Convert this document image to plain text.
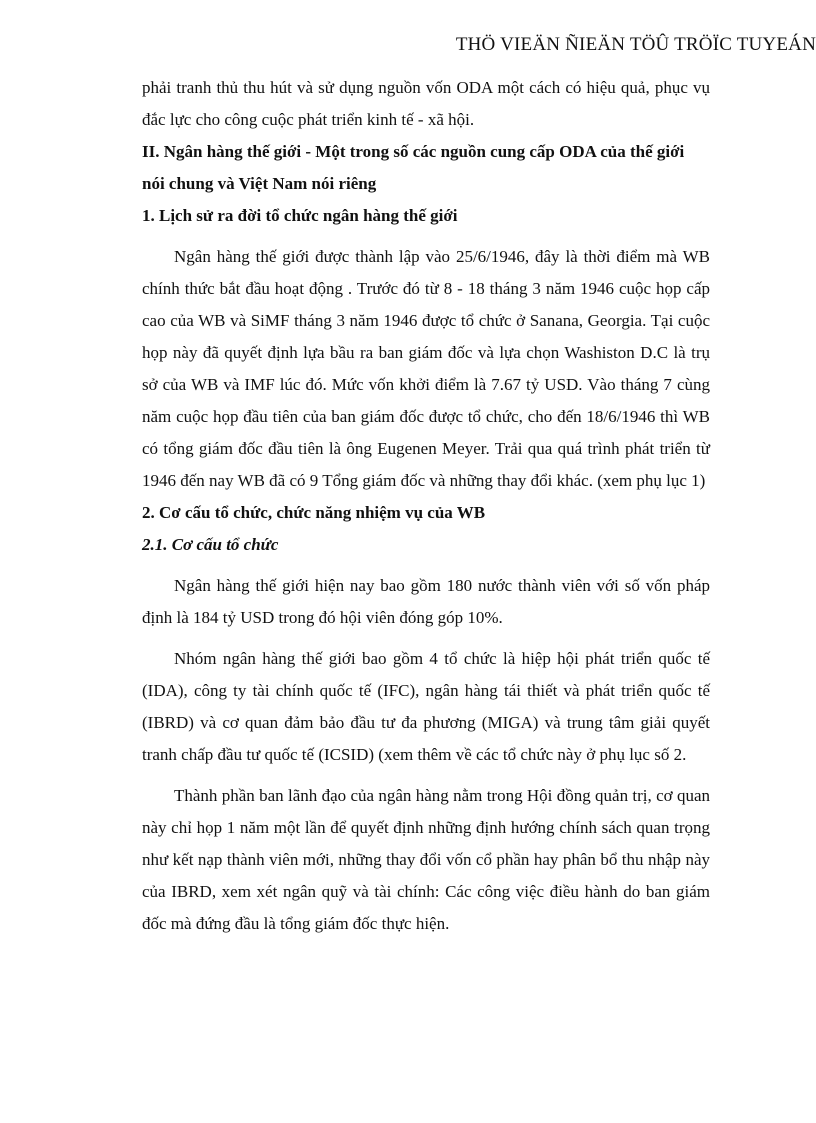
THÖ VIEÄN ÑIEÄN TÖÛ TRÖÏC TUYEÁN

phải tranh thủ thu hút và sử dụng nguồn vốn ODA một cách có hiệu quả, phục vụ đắc lực cho công cuộc phát triển kinh tế - xã hội.

II. Ngân hàng thế giới - Một trong số các nguồn cung cấp ODA của thế giới nói chung và Việt Nam nói riêng

1. Lịch sử ra đời tổ chức ngân hàng thế giới

Ngân hàng thế giới được thành lập vào 25/6/1946, đây là thời điểm mà WB chính thức bắt đầu hoạt động . Trước đó từ 8 - 18 tháng 3 năm 1946 cuộc họp cấp cao của WB và SiMF tháng 3 năm 1946 được tổ chức ở Sanana, Georgia. Tại cuộc họp này đã quyết định lựa bầu ra ban giám đốc và lựa chọn Washiston D.C là trụ sở của WB và IMF lúc đó. Mức vốn khởi điểm là 7.67 tỷ USD. Vào tháng 7 cùng năm cuộc họp đầu tiên của ban giám đốc được tổ chức, cho đến 18/6/1946 thì WB có tổng giám đốc đầu tiên là ông Eugenen Meyer. Trải qua quá trình phát triển từ 1946 đến nay WB đã có 9 Tổng giám đốc và những thay đổi khác. (xem phụ lục 1)

2. Cơ cấu tổ chức, chức năng nhiệm vụ của WB

2.1. Cơ cấu tổ chức

Ngân hàng thế giới hiện nay bao gồm 180 nước thành viên với số vốn pháp định là 184 tỷ USD trong đó hội viên đóng góp 10%.

Nhóm ngân hàng thế giới bao gồm 4 tổ chức là hiệp hội phát triển quốc tế (IDA), công ty tài chính quốc tế (IFC), ngân hàng tái thiết và phát triển quốc tế (IBRD) và cơ quan đảm bảo đầu tư đa phương (MIGA) và trung tâm giải quyết tranh chấp đầu tư quốc tế (ICSID) (xem thêm về các tổ chức này ở phụ lục số 2.

Thành phần ban lãnh đạo của ngân hàng nằm trong Hội đồng quản trị, cơ quan này chỉ họp 1 năm một lần để quyết định những định hướng chính sách quan trọng như kết nạp thành viên mới, những thay đổi vốn cổ phần hay phân bổ thu nhập này của IBRD, xem xét ngân quỹ và tài chính: Các công việc điều hành do ban giám đốc mà đứng đầu là tổng giám đốc thực hiện.
